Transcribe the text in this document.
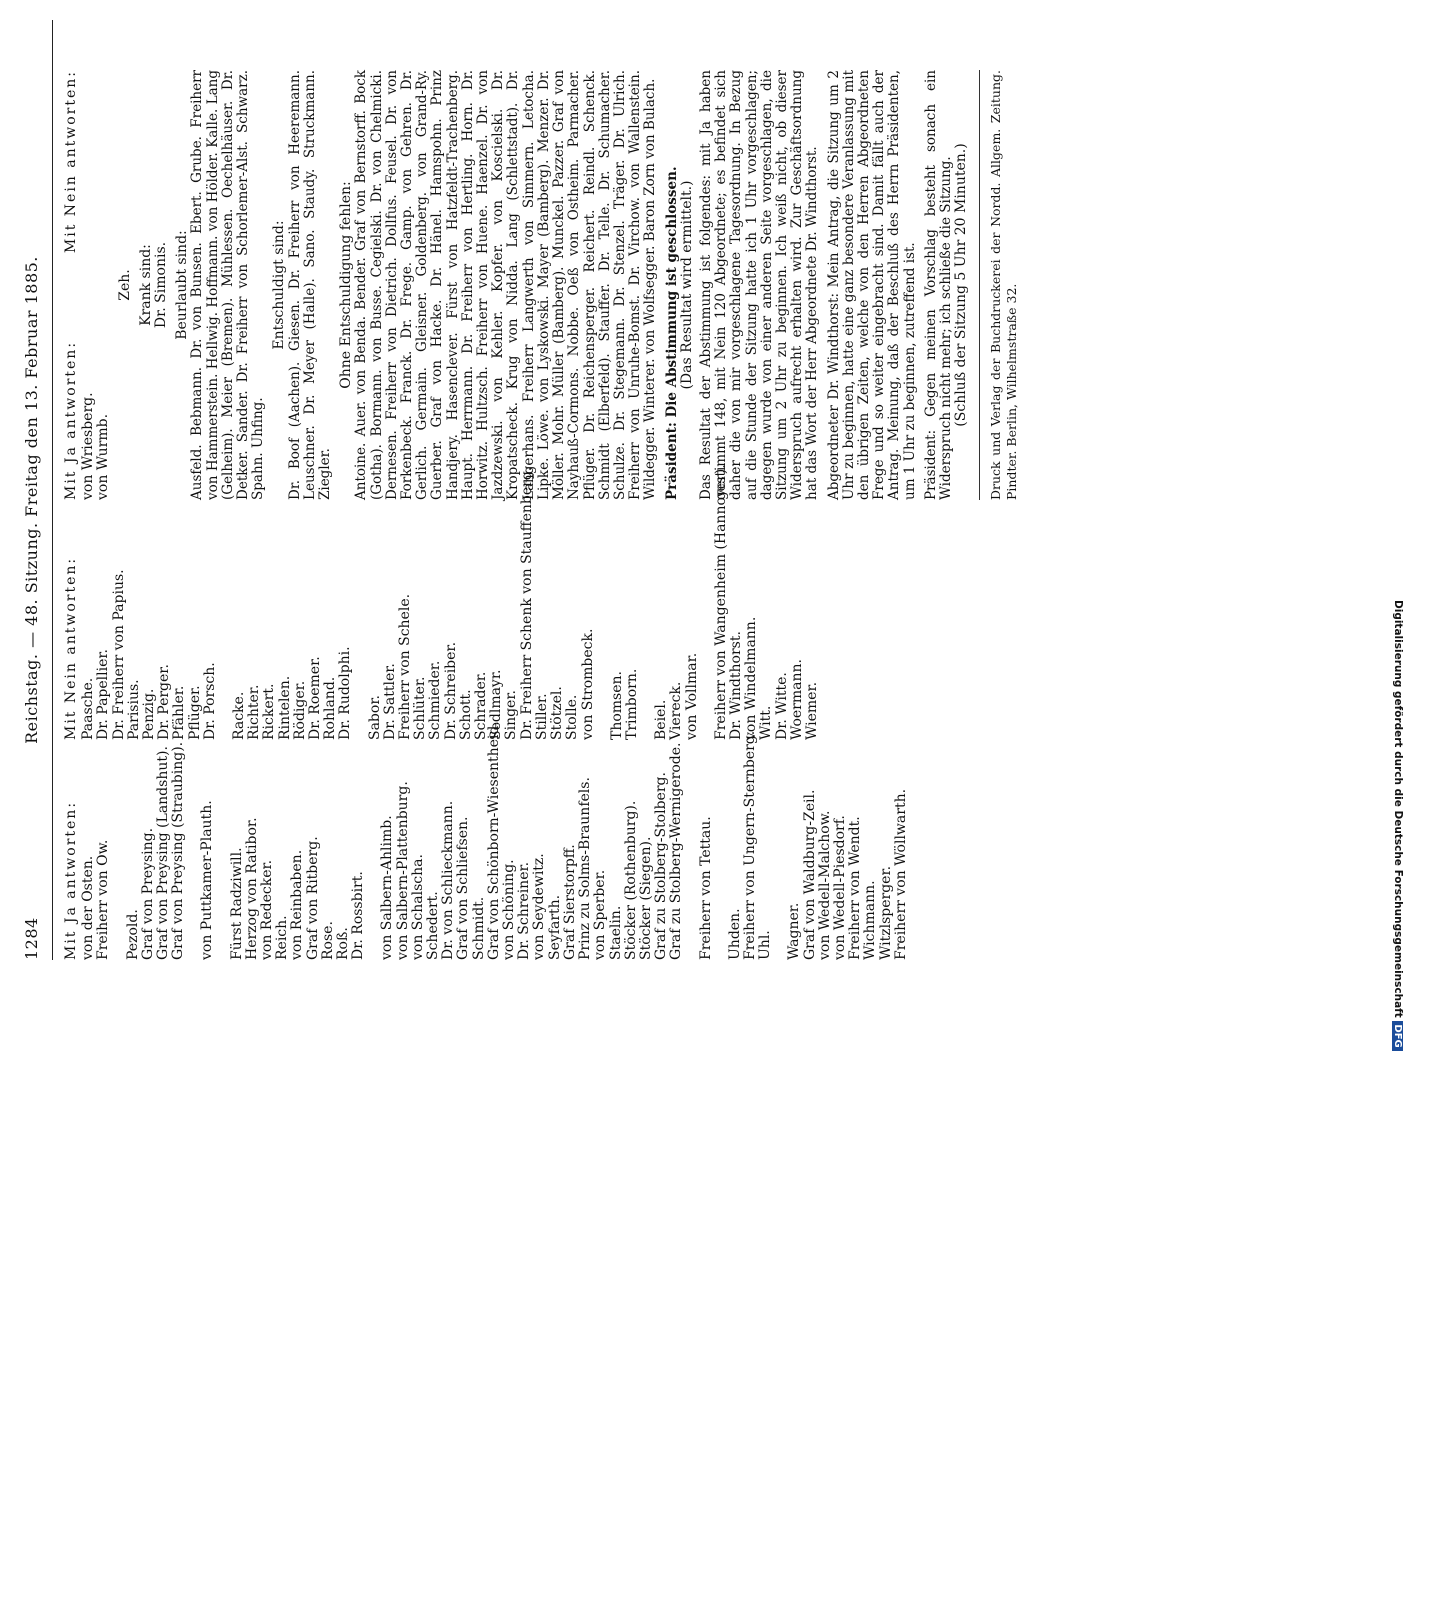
1284
Reichstag. — 48. Sitzung. Freitag den 13. Februar 1885.
Mit Ja antworten: von der Osten. Freiherr von Ow. Pezold. Graf von Preysing. Graf von Preysing (Landshut). Graf von Preysing (Straubing). von Puttkamer-Plauth. Fürst Radziwill. Herzog von Ratibor. von Redecker. Reich. von Reinbaben. Graf von Ritberg. Rose. Roß. Dr. Rossbirt. von Salbern-Ahlimb. von Salbern-Plattenburg. von Schalscha. Schedert. Dr. von Schlieckmann. Graf von Schliefsen. Schmidt. Graf von Schönborn-Wiesentheid. von Schöning. Dr. Schreiner. von Seydewitz. Seyfarth. Graf Sierstorpff. Prinz zu Solms-Braunfels. von Sperber. Staelin. Stöcker (Rothenburg). Stöcker (Siegen). Graf zu Stolberg-Stolberg. Graf zu Stolberg-Wernigerode. Freiherr von Tettau. Uhden. Freiherr von Ungern-Sternberg. Uhl. Wagner. Graf von Waldburg-Zeil. von Wedell-Malchow. von Wedell-Piesdorf. Freiherr von Wendt. Wichmann. Witzlsperger. Freiherr von Wöllwarth.
Mit Nein antworten: Paasche. Dr. Papellier. Dr. Freiherr von Papius. Parisius. Penzig. Dr. Perger. Pfähler. Pflüger. Dr. Porsch. Racke. Richter. Rickert. Rintelen. Rödiger. Dr. Roemer. Rohland. Dr. Rudolphi. Sabor. Dr. Sattler. Freiherr von Schele. Schlüter. Schmieder. Dr. Schreiber. Schott. Schrader. Sedlmayr. Singer. Dr. Freiherr Schenk von Stauffenberg. Stiller. Stötzel. Stolle. von Strombeck. Thomsen. Trimborn. Beiel. Viereck. von Vollmar. Freiherr von Wangenheim (Hannover). Dr. Windthorst. von Windelmann. Witt. Dr. Witte. Woermann. Wiemer.
Mit Ja antworten:
Mit Nein antworten:
von Wriesberg. von Wurmb.
Zeh. Krank sind: Dr. Simonis. Beurlaubt sind: Ausfeld. Bebmann. Dr. von Bunsen. Ebert. Grube. Freiherr von Hammerstein. Hellwig. Hoffmann. von Hölder. Kalle. Lang (Gelheim). Meier (Bremen). Mühlessen. Oechelhäuser. Dr. Detker. Sander. Dr. Freiherr von Schorlemer-Alst. Schwarz. Spahn. Uhfing.
Entschuldigt sind: Dr. Boof (Aachen). Giesen. Dr. Freiherr von Heeremann. Leuschner. Dr. Meyer (Halle). Sano. Staudy. Struckmann. Ziegler.
Ohne Entschuldigung fehlen: Antoine. Auer. von Benda. Bender. Graf von Bernstorff. Bock (Gotha). Bormann. von Busse. Cegielski. Dr. von Chelmicki. Dernesen. Freiherr von Dietrich. Dollfus. Feusel. Dr. von Forkenbeck. Franck. Dr. Frege. Gamp. von Gehren. Dr. Gerlich. Germain. Gleisner. Goldenberg. von Grand-Ry. Guerber. Graf von Hacke. Dr. Hänel. Hamspohn. Prinz Handjery. Hasenclever. Fürst von Hatzfeldt-Trachenberg. Haupt. Herrmann. Dr. Freiherr von Hertling. Horn. Dr. Horwitz. Hultzsch. Freiherr von Huene. Haenzel. Dr. von Jazdzewski. von Kehler. Kopfer. von Koscielski. Dr. Kropatscheck. Krug von Nidda. Lang (Schlettstadt). Dr. Langerhans. Freiherr Langwerth von Simmern. Letocha. Lipke. Löwe. von Lyskowski. Mayer (Bamberg). Menzer. Dr. Möller. Mohr. Müller (Bamberg). Munckel. Pazzer. Graf von Nayhauß-Cormons. Nobbe. Oeß von Ostheim. Parmacher. Pflüger. Dr. Reichensperger. Reichert. Reindl. Schenck. Schmidt (Elberfeld). Stauffer. Dr. Telle. Dr. Schumacher. Schulze. Dr. Stegemann. Dr. Stenzel. Träger. Dr. Ulrich. Freiherr von Unruhe-Bomst. Dr. Virchow. von Wallenstein. Wildegger. Winterer. von Wolfsegger. Baron Zorn von Bulach. Präsident: Die Abstimmung ist geschlossen. (Das Resultat wird ermittelt.) Das Resultat der Abstimmung ist folgendes: mit Ja haben gestimmt 148, mit Nein 120 Abgeordnete; es befindet sich daher die von mir vorgeschlagene Tagesordnung. In Bezug auf die Stunde der Sitzung hatte ich 1 Uhr vorgeschlagen; dagegen wurde von einer anderen Seite vorgeschlagen, die Sitzung um 2 Uhr zu beginnen. Ich weiß nicht, ob dieser Widerspruch aufrecht erhalten wird. Zur Geschäftsordnung hat das Wort der Herr Abgeordnete Dr. Windthorst. Abgeordneter Dr. Windthorst: Mein Antrag, die Sitzung um 2 Uhr zu beginnen, hatte eine ganz besondere Veranlassung mit den übrigen Zeiten, welche von den Herren Abgeordneten Frege und so weiter eingebracht sind. Damit fällt auch der Antrag. Meinung, daß der Beschluß des Herrn Präsidenten, um 1 Uhr zu beginnen, zutreffend ist. Präsident: Gegen meinen Vorschlag besteht sonach ein Widerspruch nicht mehr; ich schließe die Sitzung. (Schluß der Sitzung 5 Uhr 20 Minuten.) Druck und Verlag der Buchdruckerei der Nordd. Allgem. Zeitung. Pindter. Berlin, Wilhelmstraße 32.
Digitalisierung gefördert durch die Deutsche Forschungsgemeinschaft DFG
